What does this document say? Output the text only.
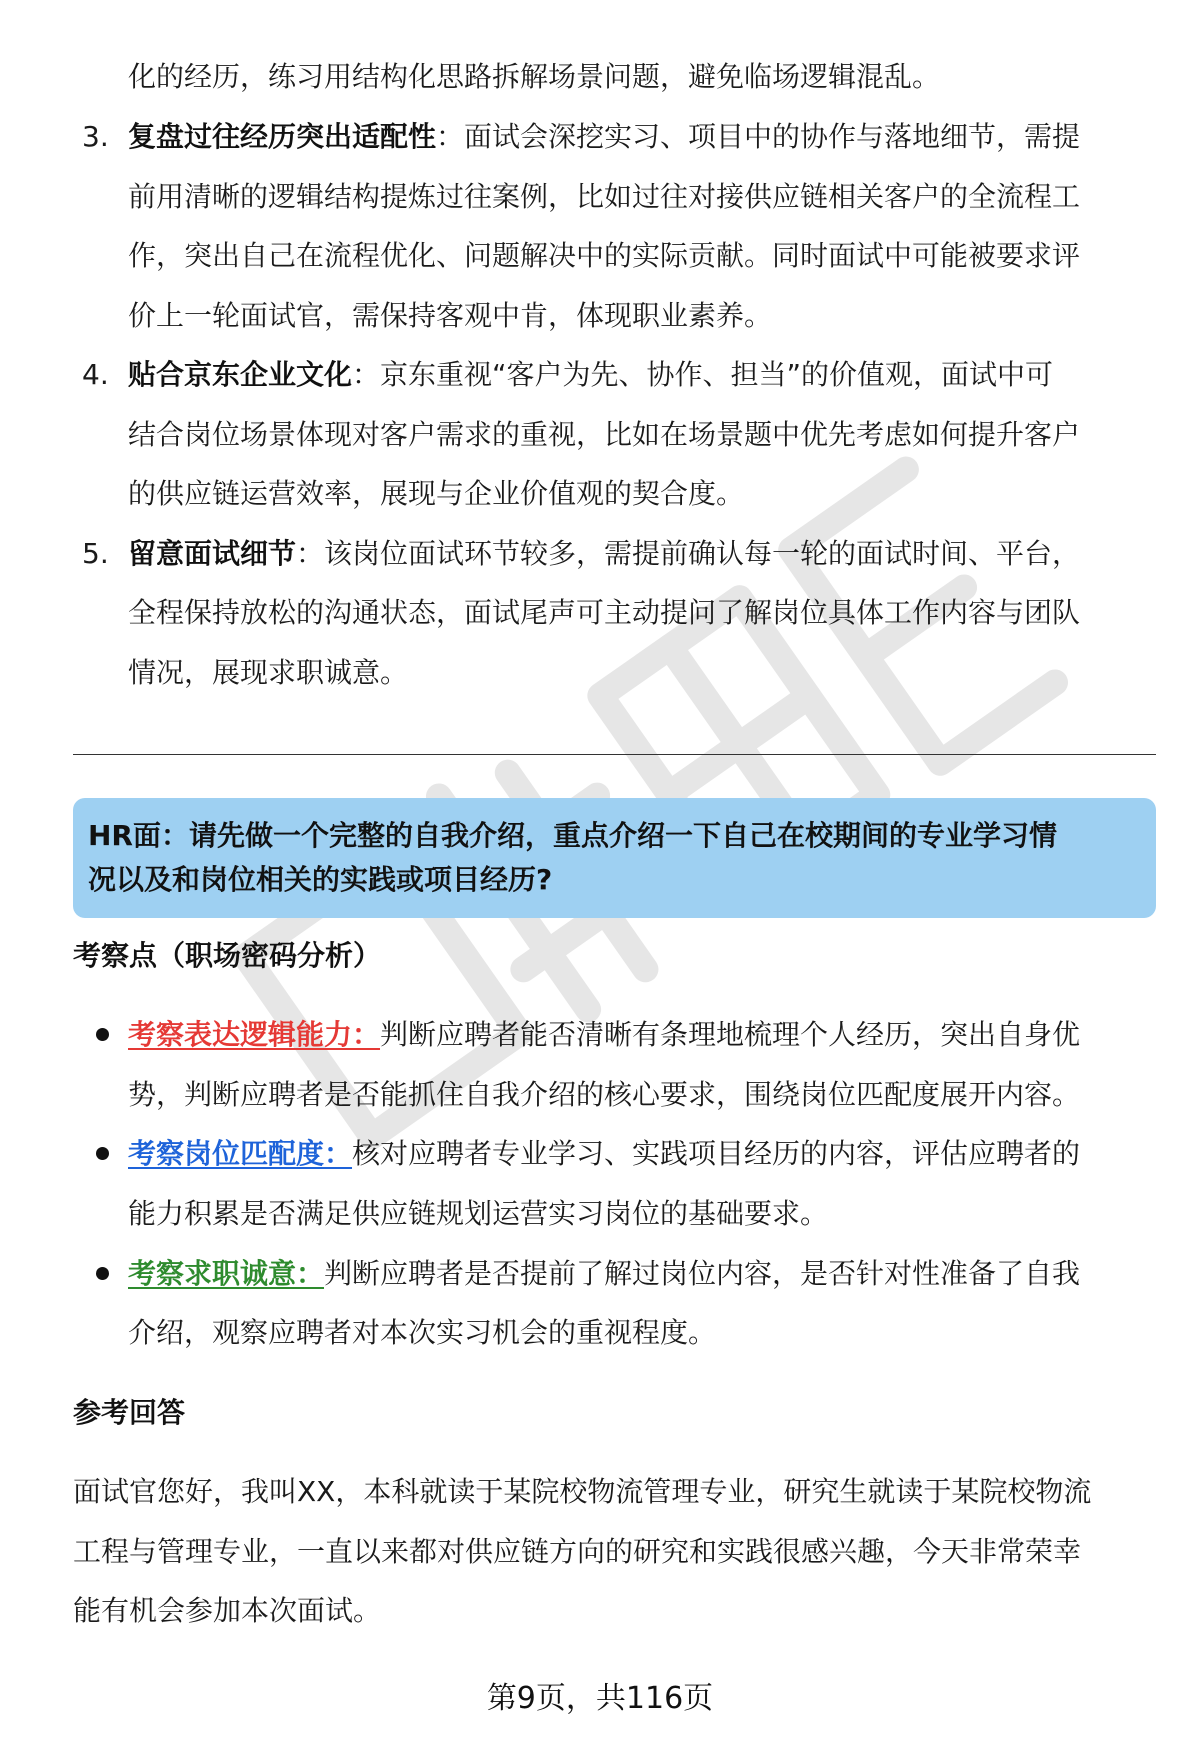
化的经历，练习用结构化思路拆解场景问题，避免临场逻辑混乱。
3. 复盘过往经历突出适配性：面试会深挖实习、项目中的协作与落地细节，需提
前用清晰的逻辑结构提炼过往案例，比如过往对接供应链相关客户的全流程工
作，突出自己在流程优化、问题解决中的实际贡献。同时面试中可能被要求评
价上一轮面试官，需保持客观中肯，体现职业素养。
4. 贴合京东企业文化：京东重视“客户为先、协作、担当”的价值观，面试中可
结合岗位场景体现对客户需求的重视，比如在场景题中优先考虑如何提升客户
的供应链运营效率，展现与企业价值观的契合度。
5. 留意面试细节：该岗位面试环节较多，需提前确认每一轮的面试时间、平台，
全程保持放松的沟通状态，面试尾声可主动提问了解岗位具体工作内容与团队
情况，展现求职诚意。
HR面：请先做一个完整的自我介绍，重点介绍一下自己在校期间的专业学习情
况以及和岗位相关的实践或项目经历?
考察点（职场密码分析）
考察表达逻辑能力：判断应聘者能否清晰有条理地梳理个人经历，突出自身优
势，判断应聘者是否能抓住自我介绍的核心要求，围绕岗位匹配度展开内容。
考察岗位匹配度：核对应聘者专业学习、实践项目经历的内容，评估应聘者的
能力积累是否满足供应链规划运营实习岗位的基础要求。
考察求职诚意：判断应聘者是否提前了解过岗位内容，是否针对性准备了自我
介绍，观察应聘者对本次实习机会的重视程度。
参考回答
面试官您好，我叫XX，本科就读于某院校物流管理专业，研究生就读于某院校物流
工程与管理专业，一直以来都对供应链方向的研究和实践很感兴趣，今天非常荣幸
能有机会参加本次面试。
第9页，共116页
